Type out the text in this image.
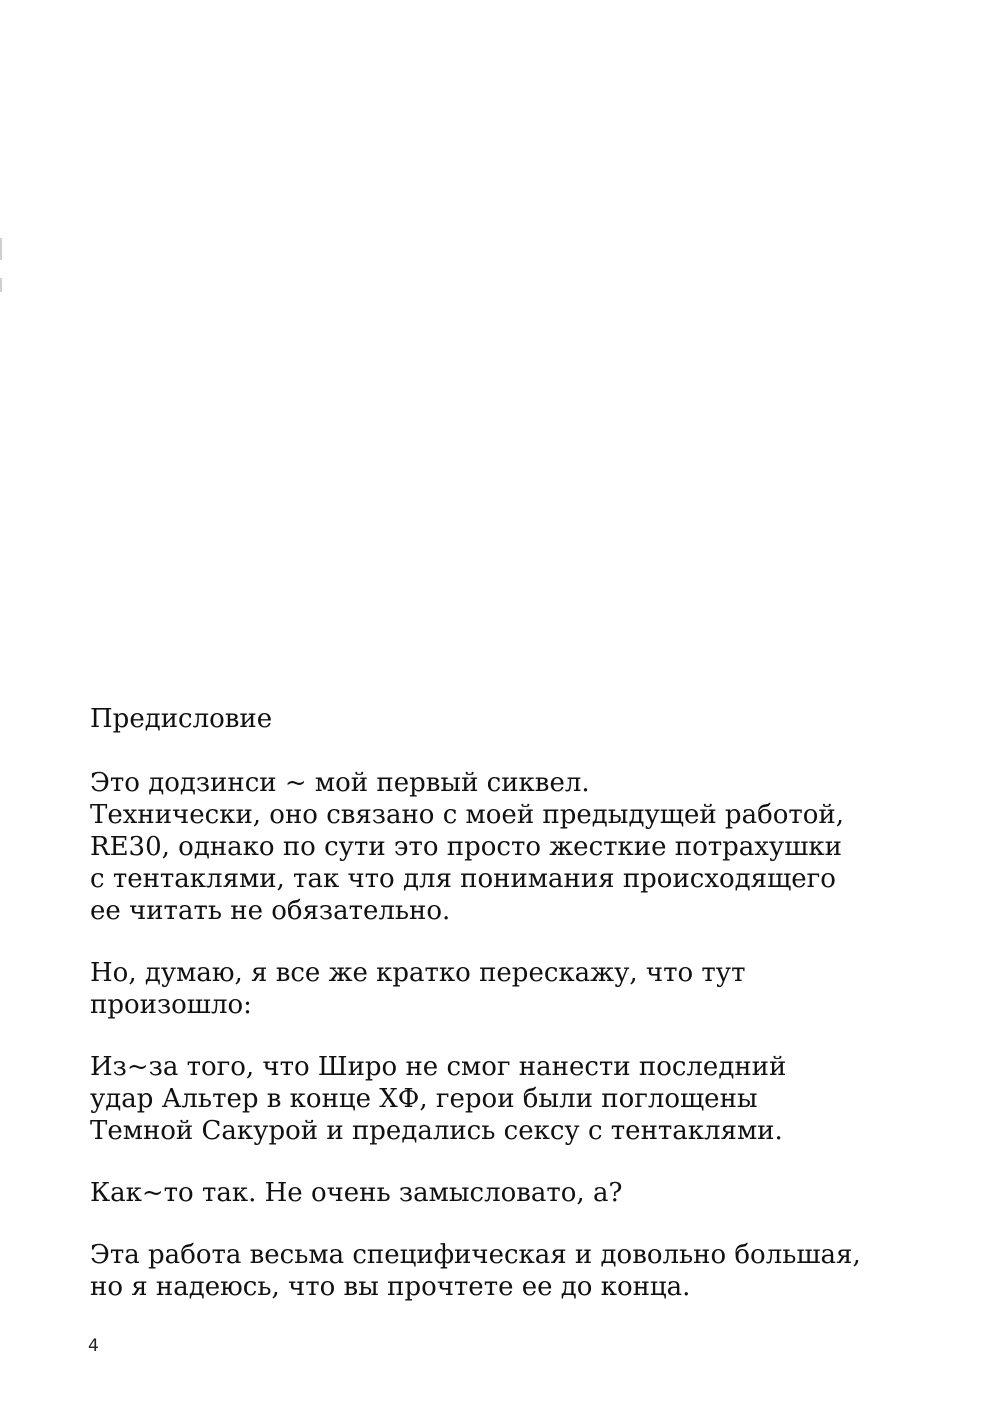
Предисловие

Это додзинси ~ мой первый сиквел.

Технически, оно связано с моей предыдущей работой,

RE30, однако по сути это просто жесткие потрахушки

с тентаклями, так что для понимания происходящего

ее читать не обязательно.

Но, думаю, я все же кратко перескажу, что тут

произошло:

Из~за того, что Широ не смог нанести последний

удар Альтер в конце ХФ, герои были поглощены

Темной Сакурой и предались сексу с тентаклями.

Как~то так. Не очень замысловато, а?

Эта работа весьма специфическая и довольно большая,

но я надеюсь, что вы прочтете ее до конца.

4
